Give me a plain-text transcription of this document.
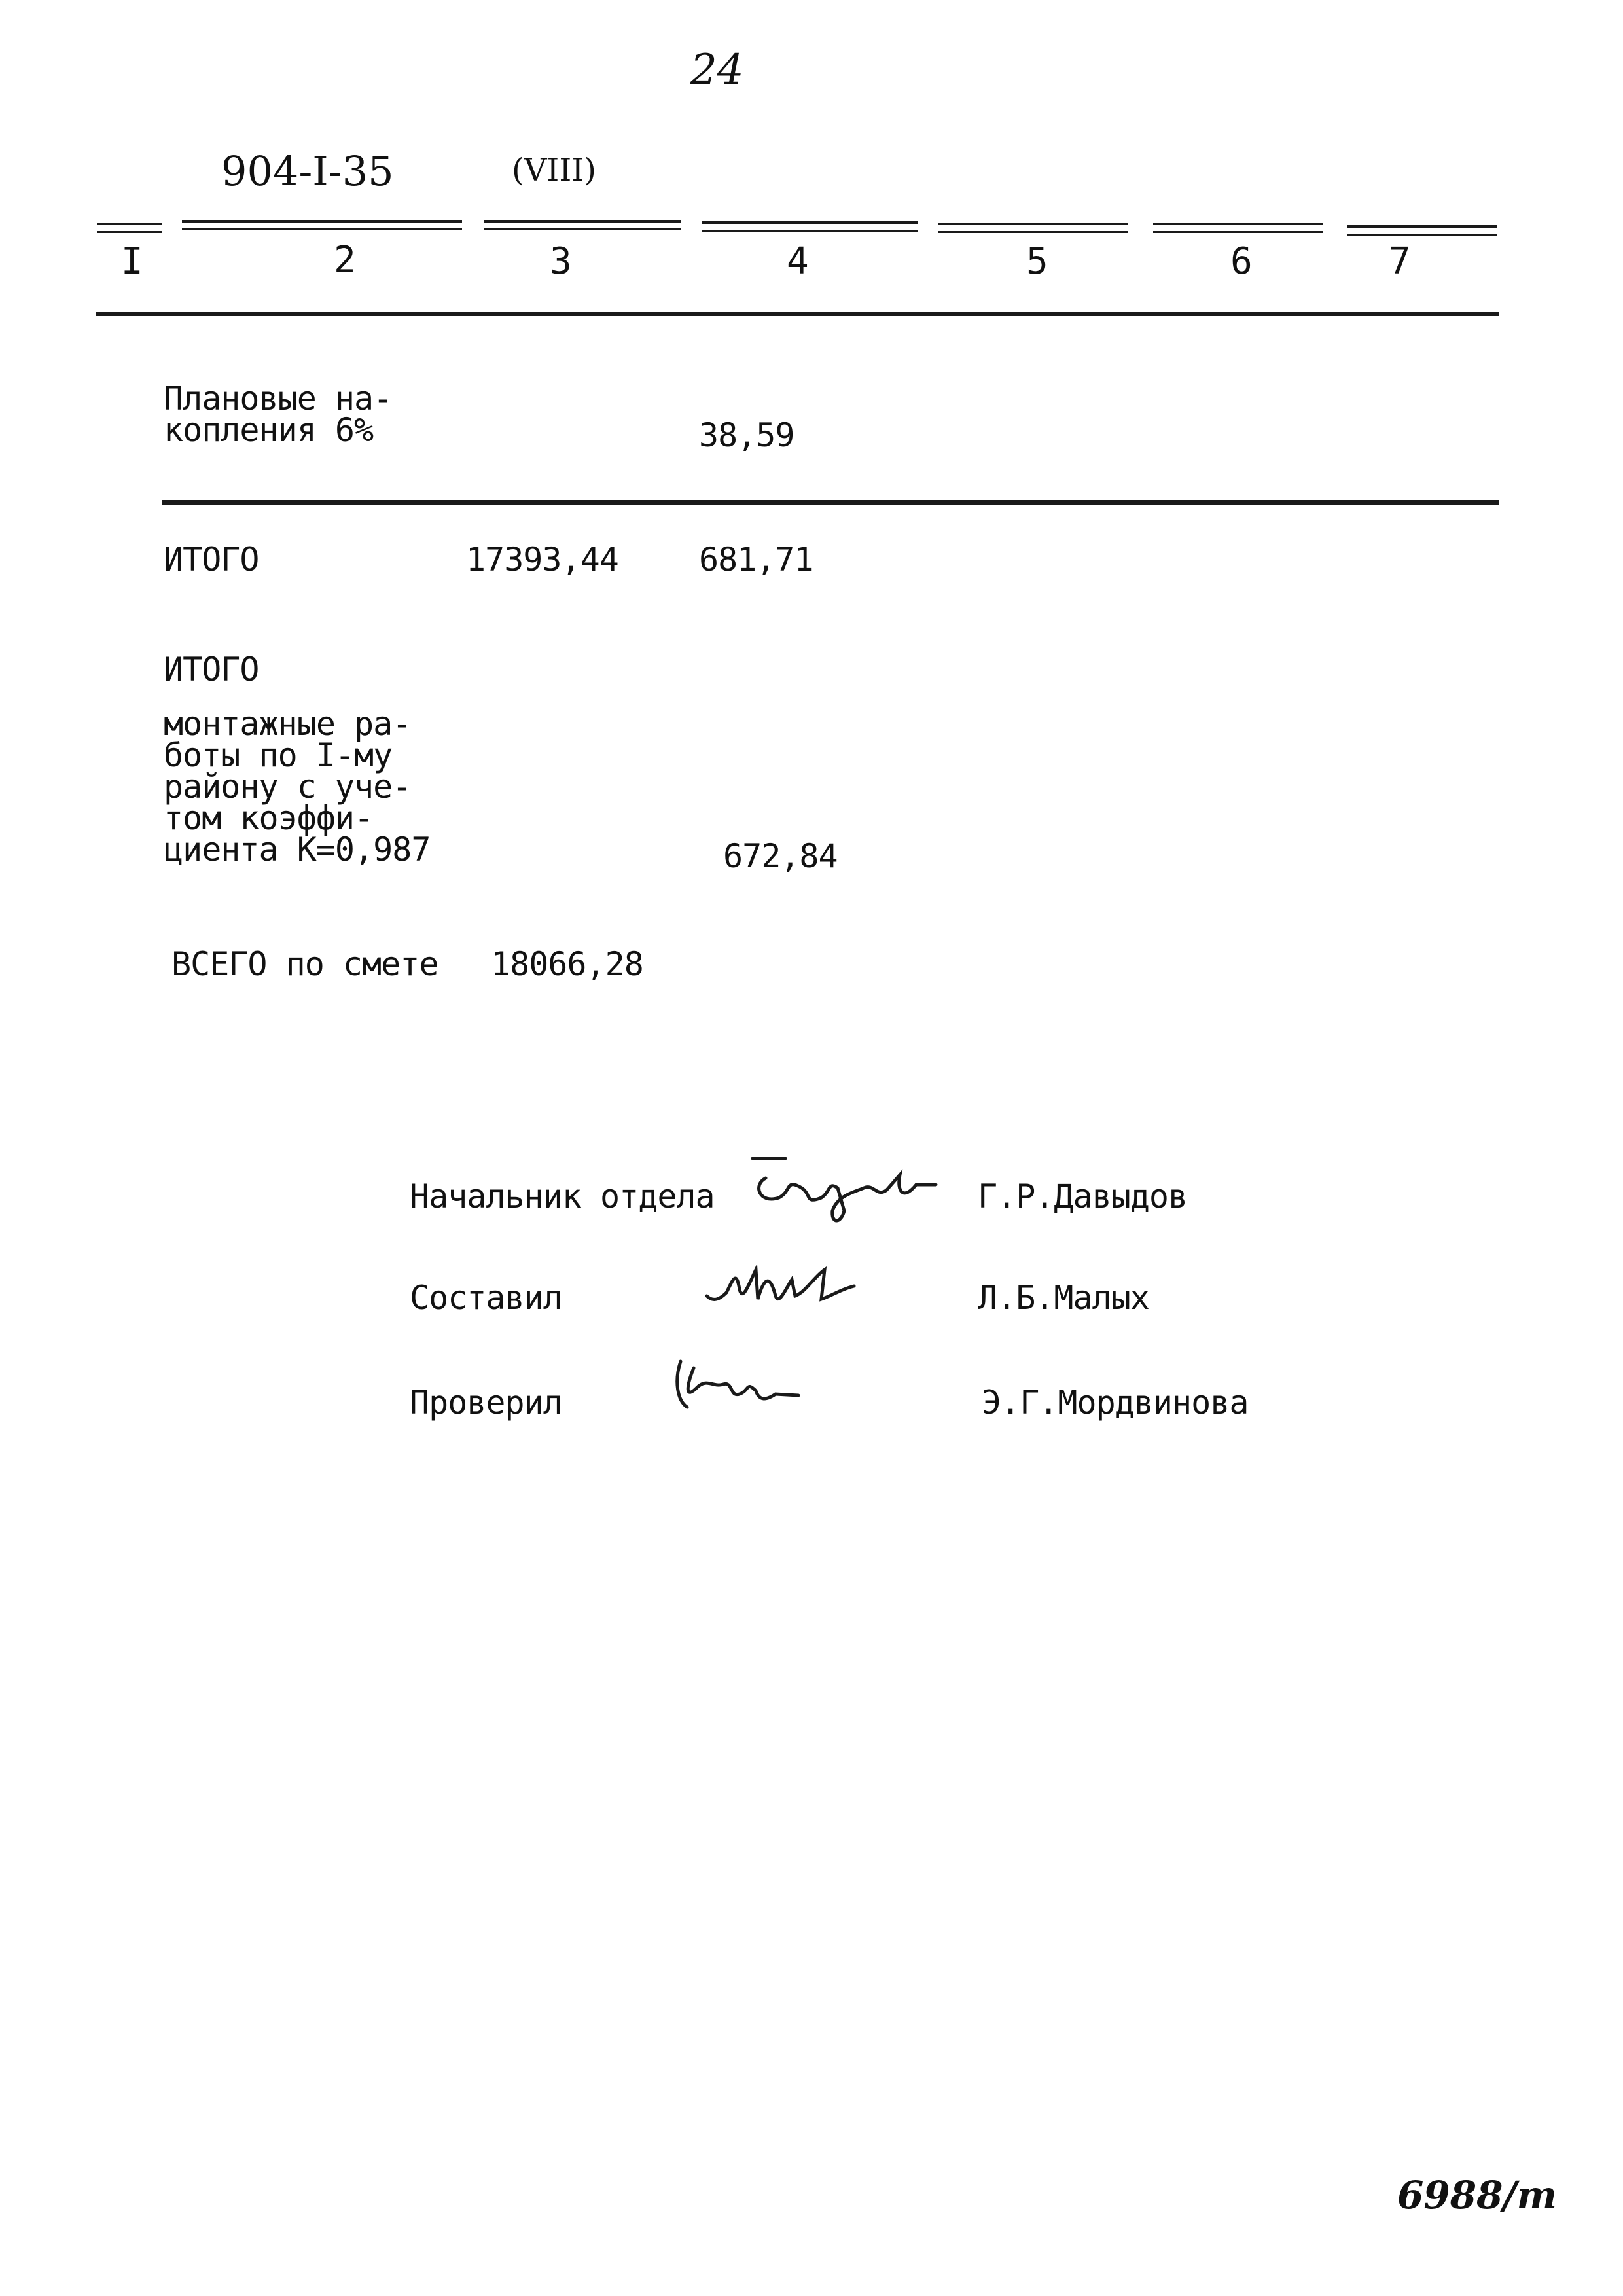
24
904-I-35	(VIII)
I	2	3	4	5	6	7
Плановые на-
копления 6%	38,59
ИТОГО	17393,44 681,71
ИТОГО
монтажные ра-
боты по I-му
району с уче-
том коэффи-
циента К=0,987	672,84
ВСЕГО по смете 18066,28
Начальник отдела	Г.Р.Давыдов
Составил	Л.Б.Малых
Проверил	Э.Г.Мордвинова
6988/m
